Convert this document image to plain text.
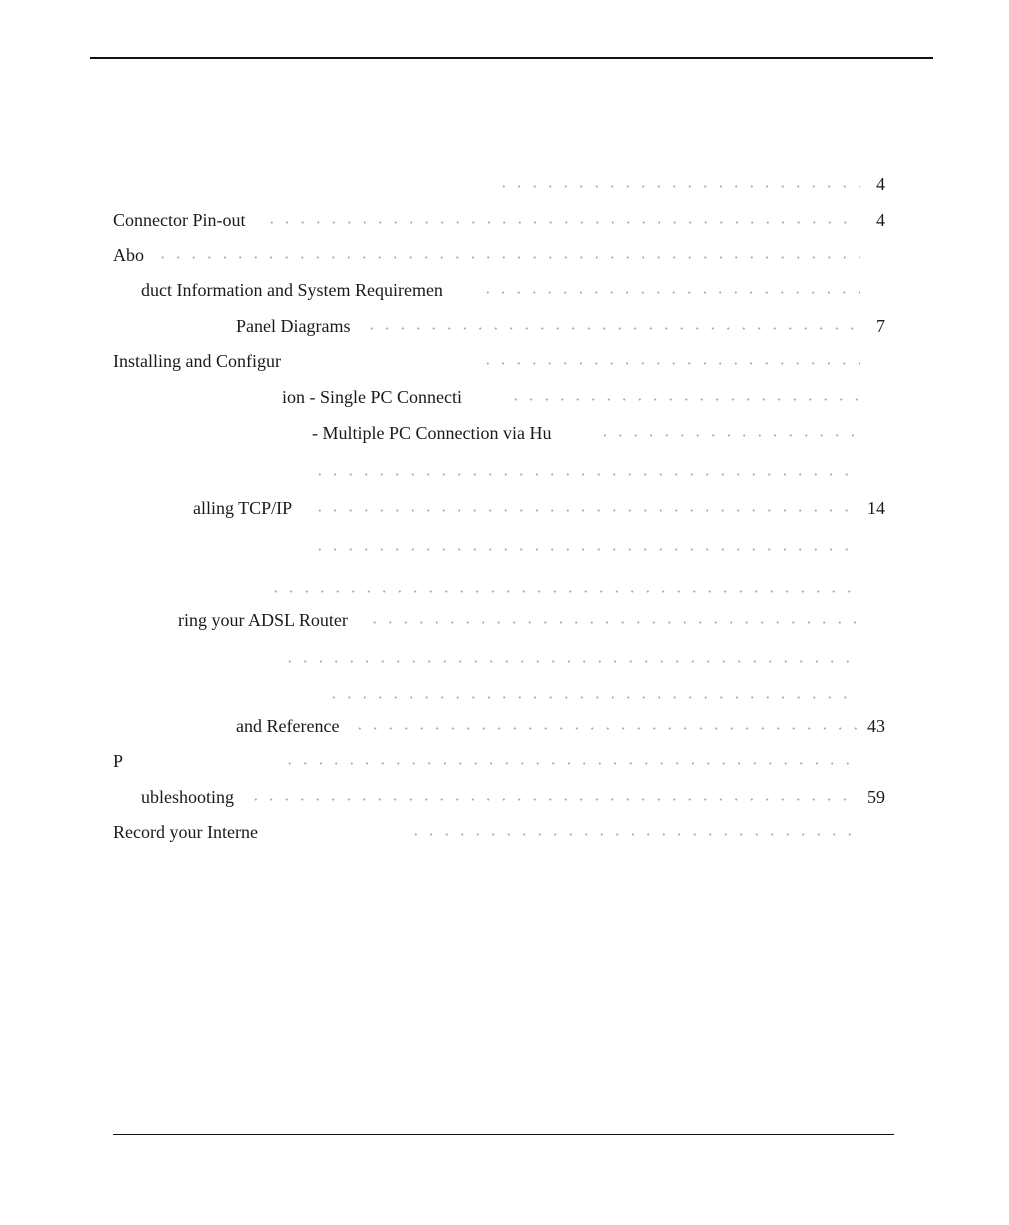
4
Connector Pin-out	4
Abo
duct Information and System Requiremen
Panel Diagrams	7
Installing and Configur
ion - Single PC Connecti
- Multiple PC Connection via Hu
alling TCP/IP	14
ring your ADSL Router
and Reference	43
P
ubleshooting	59
Record your Interne
